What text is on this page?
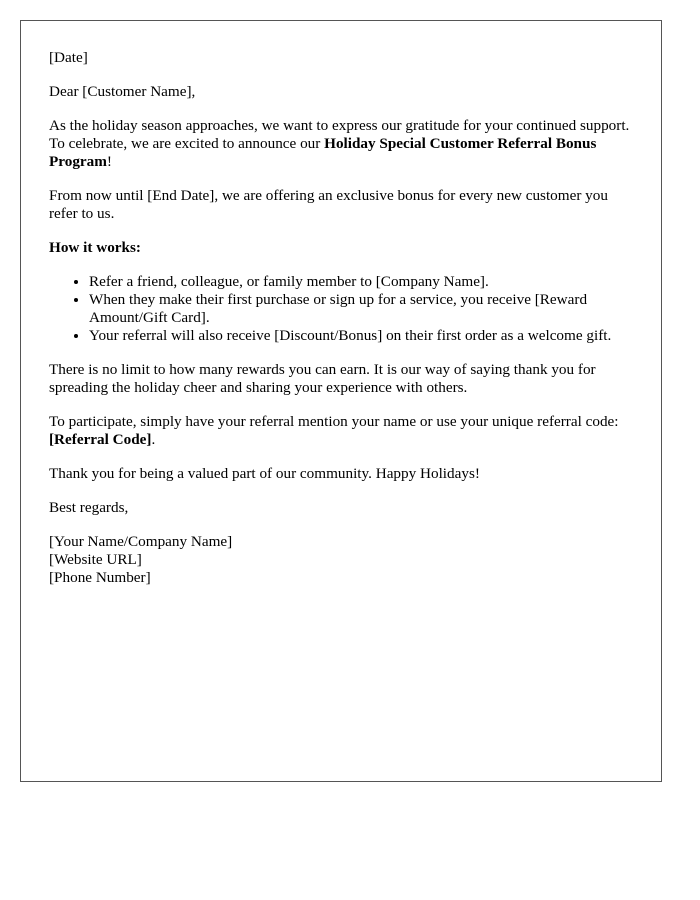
[Date]

Dear [Customer Name],

As the holiday season approaches, we want to express our gratitude for your continued support. To celebrate, we are excited to announce our Holiday Special Customer Referral Bonus Program!

From now until [End Date], we are offering an exclusive bonus for every new customer you refer to us.

How it works:

• Refer a friend, colleague, or family member to [Company Name].
• When they make their first purchase or sign up for a service, you receive [Reward Amount/Gift Card].
• Your referral will also receive [Discount/Bonus] on their first order as a welcome gift.

There is no limit to how many rewards you can earn. It is our way of saying thank you for spreading the holiday cheer and sharing your experience with others.

To participate, simply have your referral mention your name or use your unique referral code: [Referral Code].

Thank you for being a valued part of our community. Happy Holidays!

Best regards,

[Your Name/Company Name]
[Website URL]
[Phone Number]
